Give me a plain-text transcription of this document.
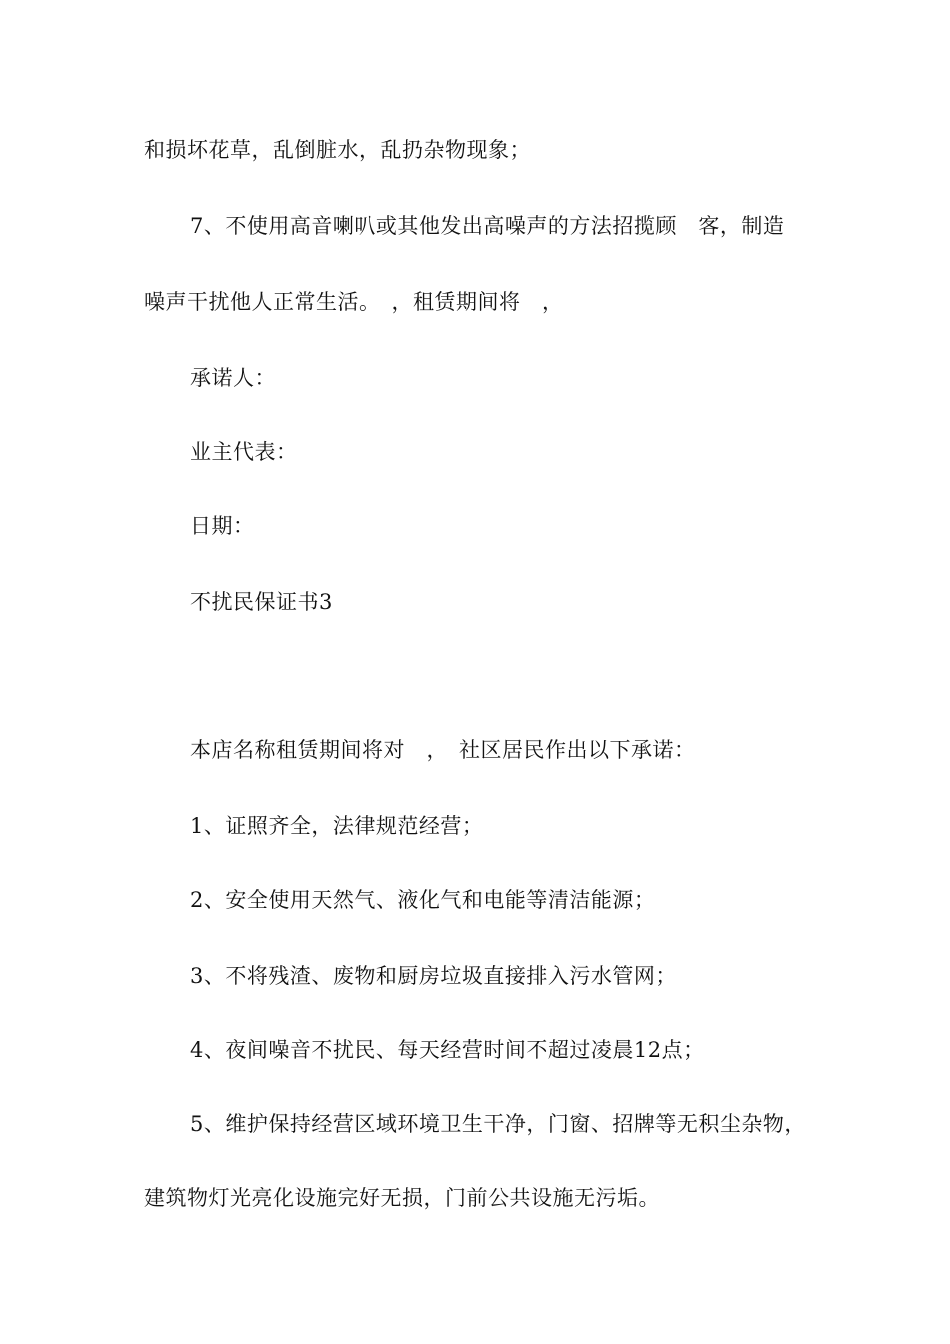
和损坏花草，乱倒脏水，乱扔杂物现象；
7、不使用高音喇叭或其他发出高噪声的方法招揽顾　客，制造
噪声干扰他人正常生活。　，租赁期间将　，
承诺人：
业主代表：
日期：
不扰民保证书3
本店名称租赁期间将对　，　社区居民作出以下承诺：
1、证照齐全，法律规范经营；
2、安全使用天然气、液化气和电能等清洁能源；
3、不将残渣、废物和厨房垃圾直接排入污水管网；
4、夜间噪音不扰民、每天经营时间不超过凌晨12点；
5、维护保持经营区域环境卫生干净，门窗、招牌等无积尘杂物，
建筑物灯光亮化设施完好无损，门前公共设施无污垢。
